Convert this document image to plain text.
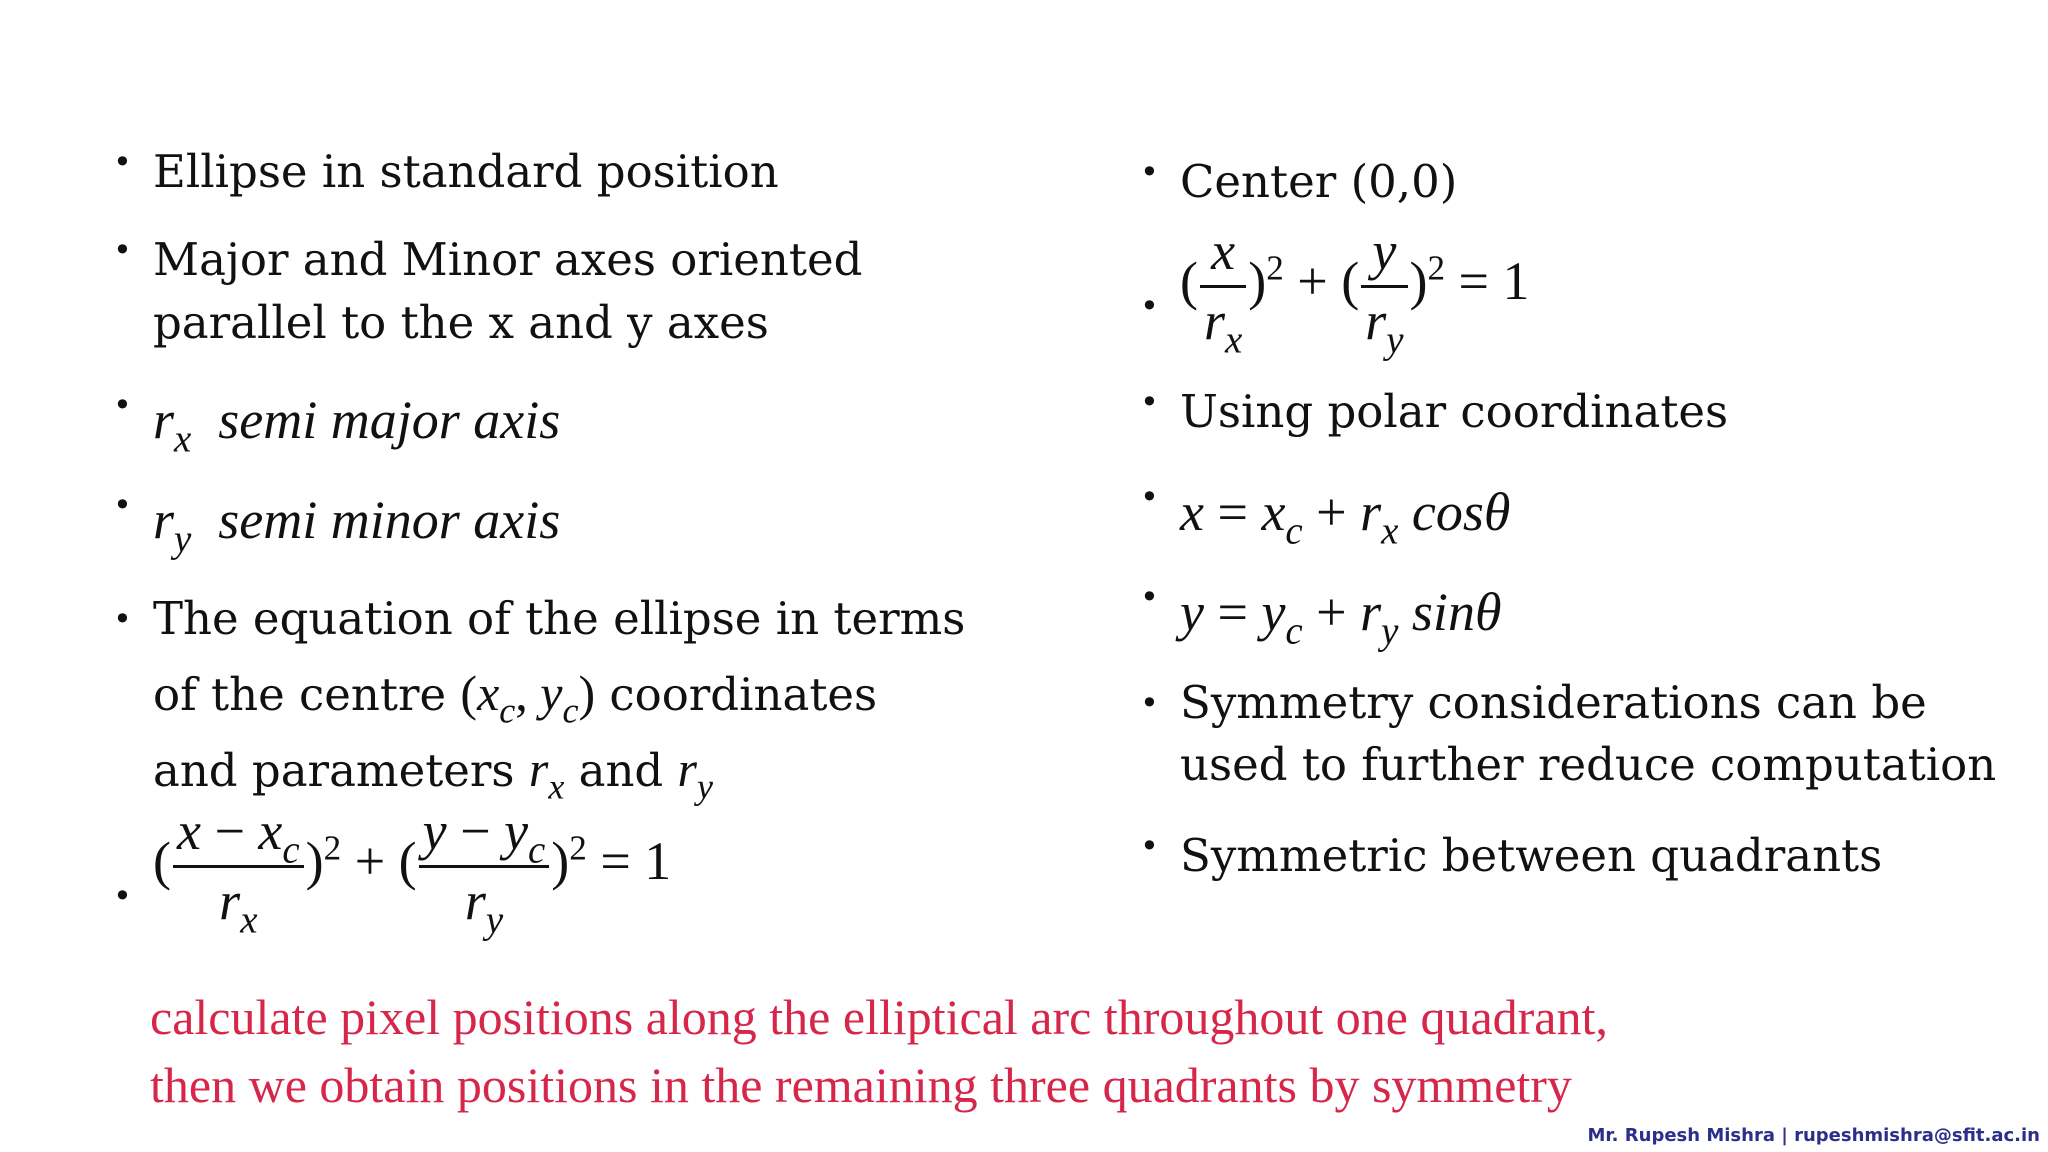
• Ellipse in standard position
• Major and Minor axes oriented
parallel to the x and y axes
• $r_x$ semi major axis
• $r_y$ semi minor axis
• The equation of the ellipse in terms
of the centre ($x_c$, $y_c$) coordinates
and parameters $r_x$ and $r_y$
•
( $\frac{x - x_c}{r_x} )^2$ + ( $\frac{y - y_c}{r_y} )^2 = 1$
• Center (0,0)
• ( $\frac{x}{r_x} )^2$ + ( $\frac{y}{r_y} )^2 = 1$
• Using polar coordinates
• $x = x_c + r_x$ cosθ
• $y = y_c + r_y$ sinθ
• Symmetry considerations can be
used to further reduce computation
• Symmetric between quadrants
calculate pixel positions along the elliptical arc throughout one quadrant,
then we obtain positions in the remaining three quadrants by symmetry
Mr. Rupesh Mishra | rupeshmishra@sfit.ac.in
